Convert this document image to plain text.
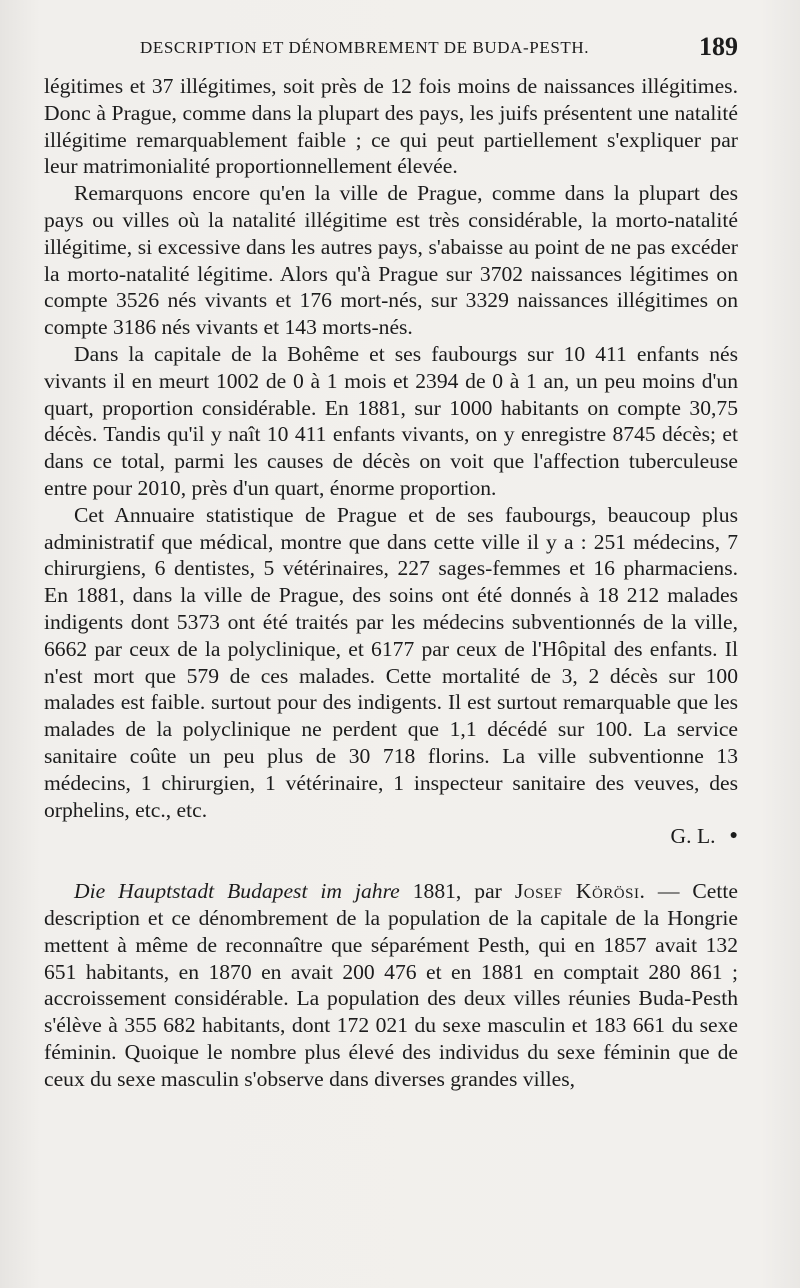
DESCRIPTION ET DÉNOMBREMENT DE BUDA-PESTH.	189

légitimes et 37 illégitimes, soit près de 12 fois moins de naissances illégitimes. Donc à Prague, comme dans la plupart des pays, les juifs présentent une natalité illégitime remarquablement faible ; ce qui peut partiellement s'expliquer par leur matrimonialité proportionnellement élevée.

Remarquons encore qu'en la ville de Prague, comme dans la plupart des pays ou villes où la natalité illégitime est très considérable, la morto-natalité illégitime, si excessive dans les autres pays, s'abaisse au point de ne pas excéder la morto-natalité légitime. Alors qu'à Prague sur 3702 naissances légitimes on compte 3526 nés vivants et 176 mort-nés, sur 3329 naissances illégitimes on compte 3186 nés vivants et 143 morts-nés.

Dans la capitale de la Bohême et ses faubourgs sur 10 411 enfants nés vivants il en meurt 1002 de 0 à 1 mois et 2394 de 0 à 1 an, un peu moins d'un quart, proportion considérable. En 1881, sur 1000 habitants on compte 30,75 décès. Tandis qu'il y naît 10 411 enfants vivants, on y enregistre 8745 décès; et dans ce total, parmi les causes de décès on voit que l'affection tuberculeuse entre pour 2010, près d'un quart, énorme proportion.

Cet Annuaire statistique de Prague et de ses faubourgs, beaucoup plus administratif que médical, montre que dans cette ville il y a : 251 médecins, 7 chirurgiens, 6 dentistes, 5 vétérinaires, 227 sages-femmes et 16 pharmaciens. En 1881, dans la ville de Prague, des soins ont été donnés à 18 212 malades indigents dont 5373 ont été traités par les médecins subventionnés de la ville, 6662 par ceux de la polyclinique, et 6177 par ceux de l'Hôpital des enfants. Il n'est mort que 579 de ces malades. Cette mortalité de 3, 2 décès sur 100 malades est faible. surtout pour des indigents. Il est surtout remarquable que les malades de la polyclinique ne perdent que 1,1 décédé sur 100. La service sanitaire coûte un peu plus de 30 718 florins. La ville subventionne 13 médecins, 1 chirurgien, 1 vétérinaire, 1 inspecteur sanitaire des veuves, des orphelins, etc., etc.

G. L. ●

Die Hauptstadt Budapest im jahre 1881, par Josef Körösi. — Cette description et ce dénombrement de la population de la capitale de la Hongrie mettent à même de reconnaître que séparément Pesth, qui en 1857 avait 132 651 habitants, en 1870 en avait 200 476 et en 1881 en comptait 280 861 ; accroissement considérable. La population des deux villes réunies Buda-Pesth s'élève à 355 682 habitants, dont 172 021 du sexe masculin et 183 661 du sexe féminin. Quoique le nombre plus élevé des individus du sexe féminin que de ceux du sexe masculin s'observe dans diverses grandes villes,
